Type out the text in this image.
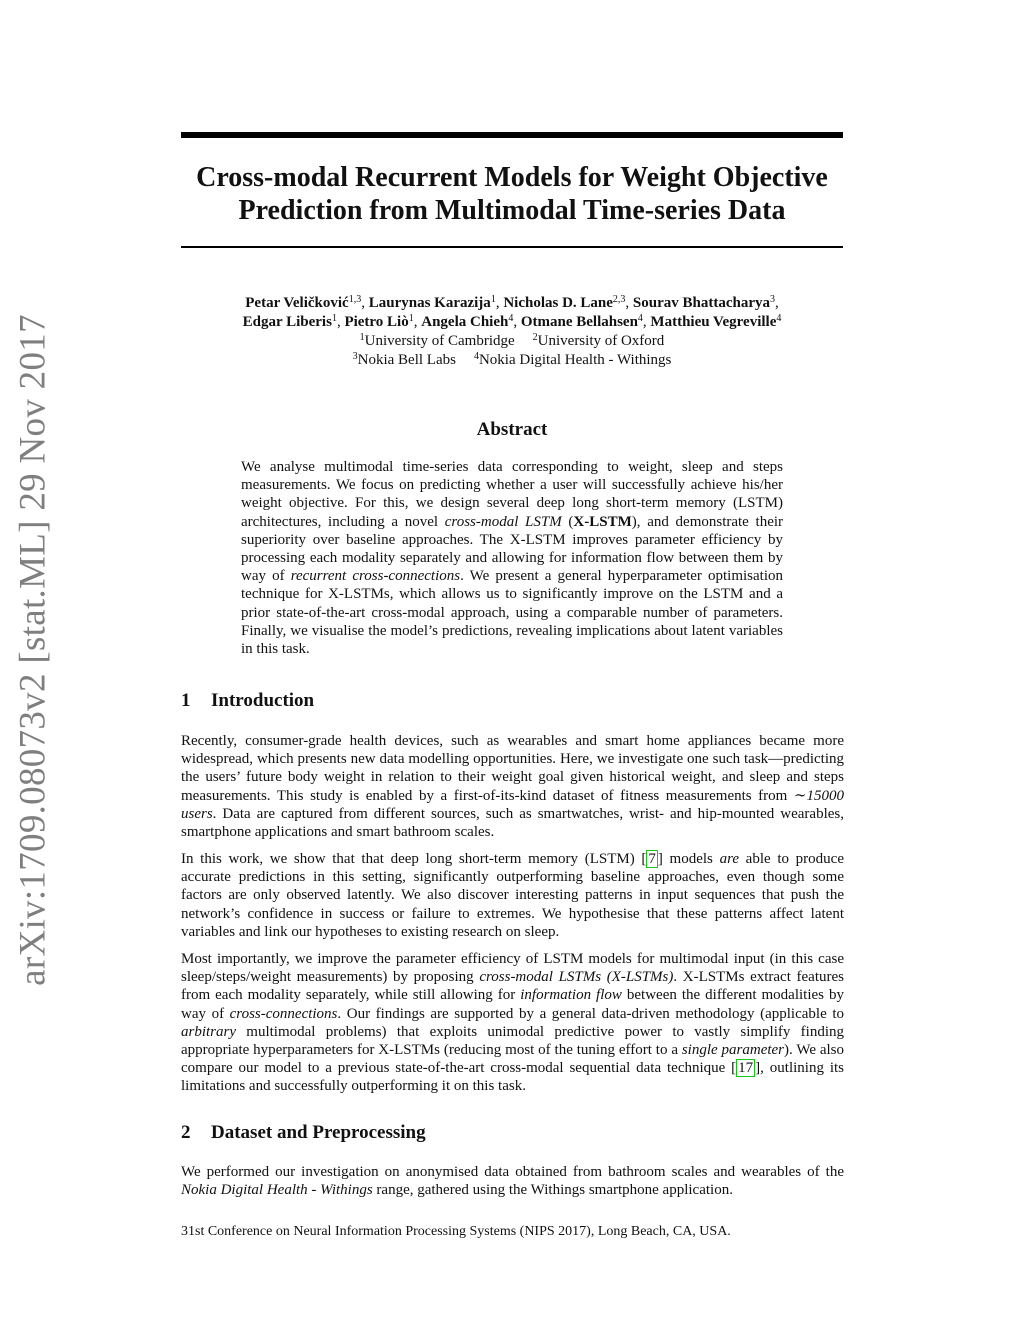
arXiv:1709.08073v2 [stat.ML] 29 Nov 2017
Cross-modal Recurrent Models for Weight Objective
Prediction from Multimodal Time-series Data
Petar Veličković$^{1,3}$, Laurynas Karazija$^1$, Nicholas D. Lane$^{2,3}$, Sourav Bhattacharya$^3$,
Edgar Liberis$^1$, Pietro Liò$^1$, Angela Chieh$^4$, Otmane Bellahsen$^4$, Matthieu Vegreville$^4$
$^1$University of Cambridge $^2$University of Oxford
$^3$Nokia Bell Labs $^4$Nokia Digital Health - Withings
Abstract

We analyse multimodal time-series data corresponding to weight, sleep and steps measurements. We focus on predicting whether a user will successfully achieve his/her weight objective. For this, we design several deep long short-term memory (LSTM) architectures, including a novel cross-modal LSTM (X-LSTM), and demonstrate their superiority over baseline approaches. The X-LSTM improves parameter efficiency by processing each modality separately and allowing for information flow between them by way of recurrent cross-connections. We present a general hyperparameter optimisation technique for X-LSTMs, which allows us to significantly improve on the LSTM and a prior state-of-the-art cross-modal approach, using a comparable number of parameters. Finally, we visualise the model’s predictions, revealing implications about latent variables in this task.

1 Introduction

Recently, consumer-grade health devices, such as wearables and smart home appliances became more widespread, which presents new data modelling opportunities. Here, we investigate one such task—predicting the users’ future body weight in relation to their weight goal given historical weight, and sleep and steps measurements. This study is enabled by a first-of-its-kind dataset of fitness measurements from ∼15000 users. Data are captured from different sources, such as smartwatches, wrist- and hip-mounted wearables, smartphone applications and smart bathroom scales.

In this work, we show that that deep long short-term memory (LSTM) [ 7 ] models are able to produce accurate predictions in this setting, significantly outperforming baseline approaches, even though some factors are only observed latently. We also discover interesting patterns in input sequences that push the network’s confidence in success or failure to extremes. We hypothesise that these patterns affect latent variables and link our hypotheses to existing research on sleep.

Most importantly, we improve the parameter efficiency of LSTM models for multimodal input (in this case sleep/steps/weight measurements) by proposing cross-modal LSTMs (X-LSTMs). X-LSTMs extract features from each modality separately, while still allowing for information flow between the different modalities by way of cross-connections. Our findings are supported by a general data-driven methodology (applicable to arbitrary multimodal problems) that exploits unimodal predictive power to vastly simplify finding appropriate hyperparameters for X-LSTMs (reducing most of the tuning effort to a single parameter). We also compare our model to a previous state-of-the-art cross-modal sequential data technique [ 17 ], outlining its limitations and successfully outperforming it on this task.

2 Dataset and Preprocessing

We performed our investigation on anonymised data obtained from bathroom scales and wearables of the Nokia Digital Health - Withings range, gathered using the Withings smartphone application.

31st Conference on Neural Information Processing Systems (NIPS 2017), Long Beach, CA, USA.
